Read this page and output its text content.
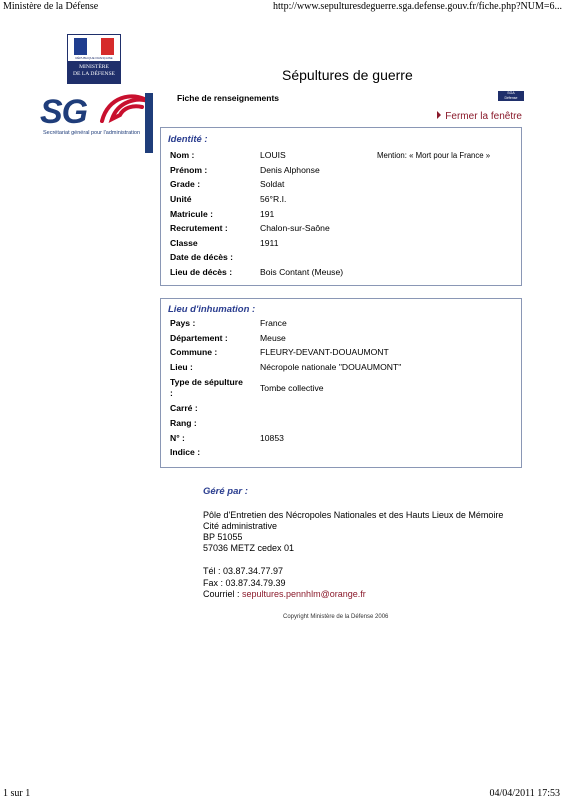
Ministère de la Défense	http://www.sepulturesdeguerre.sga.defense.gouv.fr/fiche.php?NUM=6...
1 sur 1	04/04/2011 17:53
RÉPUBLIQUE FRANÇAISE
MINISTÈRE
DE LA DÉFENSE
SG
Secrétariat général pour l'administration
Sépultures de guerre
Fiche de renseignements	SGA
Défense
Fermer la fenêtre
Identité :
Mention: « Mort pour la France »
Nom :	LOUIS
Prénom :	Denis Alphonse
Grade :	Soldat
Unité	56°R.I.
Matricule :	191
Recrutement :	Chalon-sur-Saône
Classe	1911
Date de décès :
Lieu de décès :	Bois Contant (Meuse)
Lieu d'inhumation :
Pays :	France
Département :	Meuse
Commune :	FLEURY-DEVANT-DOUAUMONT
Lieu :	Nécropole nationale "DOUAUMONT"
Type de sépulture
:	Tombe collective
Carré :
Rang :
N° :	10853
Indice :
Géré par :
Pôle d'Entretien des Nécropoles Nationales et des Hauts Lieux de Mémoire
Cité administrative
BP 51055
57036 METZ cedex 01
Tél : 03.87.34.77.97
Fax : 03.87.34.79.39
Courriel : sepultures.pennhlm@orange.fr
Copyright Ministère de la Défense 2006
